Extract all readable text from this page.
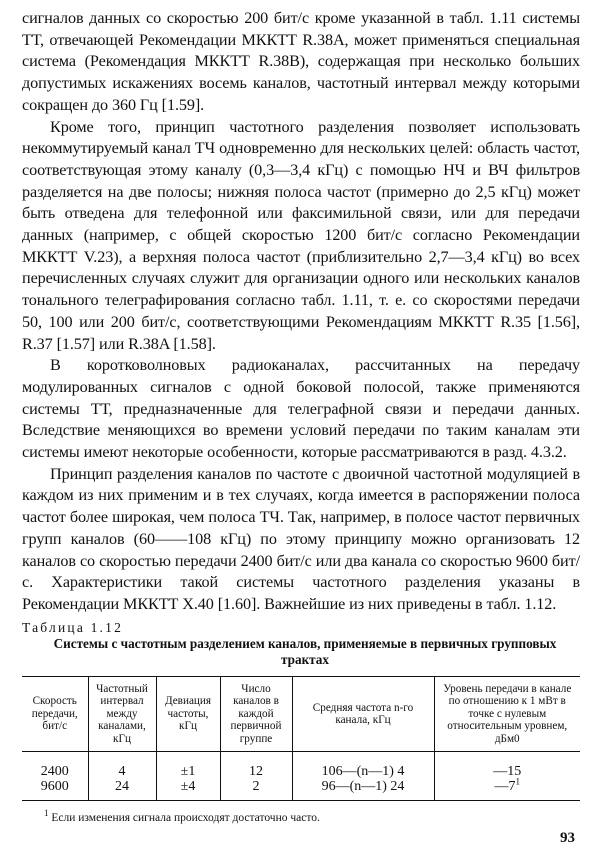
сигналов данных со скоростью 200 бит/с кроме указанной в табл. 1.11 системы ТТ, отвечающей Рекомендации МККТТ R.38A, может применяться специальная система (Рекомендация МККТТ R.38B), содержащая при несколько больших допустимых искажениях восемь каналов, частотный интервал между которыми сокращен до 360 Гц [1.59].

Кроме того, принцип частотного разделения позволяет использовать некоммутируемый канал ТЧ одновременно для нескольких целей: область частот, соответствующая этому каналу (0,3—3,4 кГц) с помощью НЧ и ВЧ фильтров разделяется на две полосы; нижняя полоса частот (примерно до 2,5 кГц) может быть отведена для телефонной или факсимильной связи, или для передачи данных (например, с общей скоростью 1200 бит/с согласно Рекомендации МККТТ V.23), а верхняя полоса частот (приблизительно 2,7—3,4 кГц) во всех перечисленных случаях служит для организации одного или нескольких каналов тонального телеграфирования согласно табл. 1.11, т. е. со скоростями передачи 50, 100 или 200 бит/с, соответствующими Рекомендациям МККТТ R.35 [1.56], R.37 [1.57] или R.38A [1.58].

В коротковолновых радиоканалах, рассчитанных на передачу модулированных сигналов с одной боковой полосой, также применяются системы ТТ, предназначенные для телеграфной связи и передачи данных. Вследствие меняющихся во времени условий передачи по таким каналам эти системы имеют некоторые особенности, которые рассматриваются в разд. 4.3.2.

Принцип разделения каналов по частоте с двоичной частотной модуляцией в каждом из них применим и в тех случаях, когда имеется в распоряжении полоса частот более широкая, чем полоса ТЧ. Так, например, в полосе частот первичных групп каналов (60——108 кГц) по этому принципу можно организовать 12 каналов со скоростью передачи 2400 бит/с или два канала со скоростью 9600 бит/с. Характеристики такой системы частотного разделения указаны в Рекомендации МККТТ X.40 [1.60]. Важнейшие из них приведены в табл. 1.12.

Таблица 1.12
Системы с частотным разделением каналов, применяемые в первичных групповых трактах
Скорость передачи, бит/с	Частотный интервал между каналами, кГц	Девиация частоты, кГц	Число каналов в каждой первичной группе	Средняя частота n-го канала, кГц	Уровень передачи в канале по отношению к 1 мВт в точке с нулевым относительным уровнем, дБм0
2400	4	±1	12	106—(n—1) 4	—15
9600	24	±4	2	96—(n—1) 24	$—7^1$
$^1$ Если изменения сигнала происходят достаточно часто.
93
